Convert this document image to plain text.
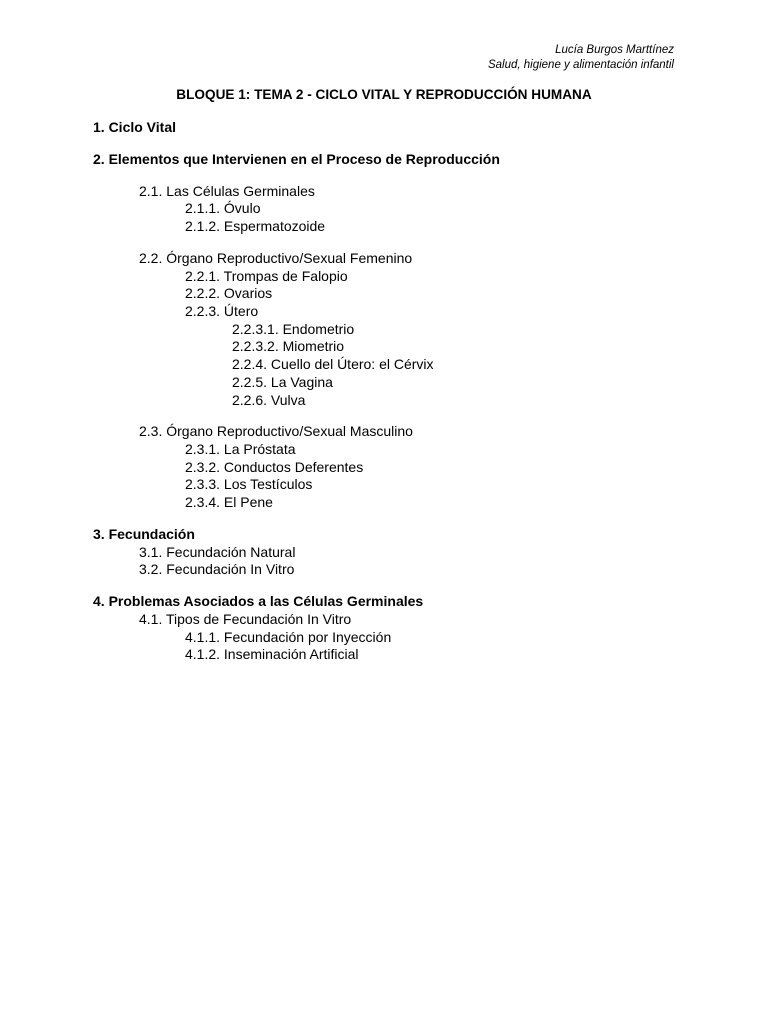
Lucía Burgos Marttínez
Salud, higiene y alimentación infantil
BLOQUE 1: TEMA 2 - CICLO VITAL Y REPRODUCCIÓN HUMANA
1. Ciclo Vital
2. Elementos que Intervienen en el Proceso de Reproducción
2.1. Las Células Germinales
2.1.1. Óvulo
2.1.2. Espermatozoide
2.2. Órgano Reproductivo/Sexual Femenino
2.2.1. Trompas de Falopio
2.2.2. Ovarios
2.2.3. Útero
2.2.3.1. Endometrio
2.2.3.2. Miometrio
2.2.4. Cuello del Útero: el Cérvix
2.2.5. La Vagina
2.2.6. Vulva
2.3. Órgano Reproductivo/Sexual Masculino
2.3.1. La Próstata
2.3.2. Conductos Deferentes
2.3.3. Los Testículos
2.3.4. El Pene
3. Fecundación
3.1. Fecundación Natural
3.2. Fecundación In Vitro
4. Problemas Asociados a las Células Germinales
4.1. Tipos de Fecundación In Vitro
4.1.1. Fecundación por Inyección
4.1.2. Inseminación Artificial
